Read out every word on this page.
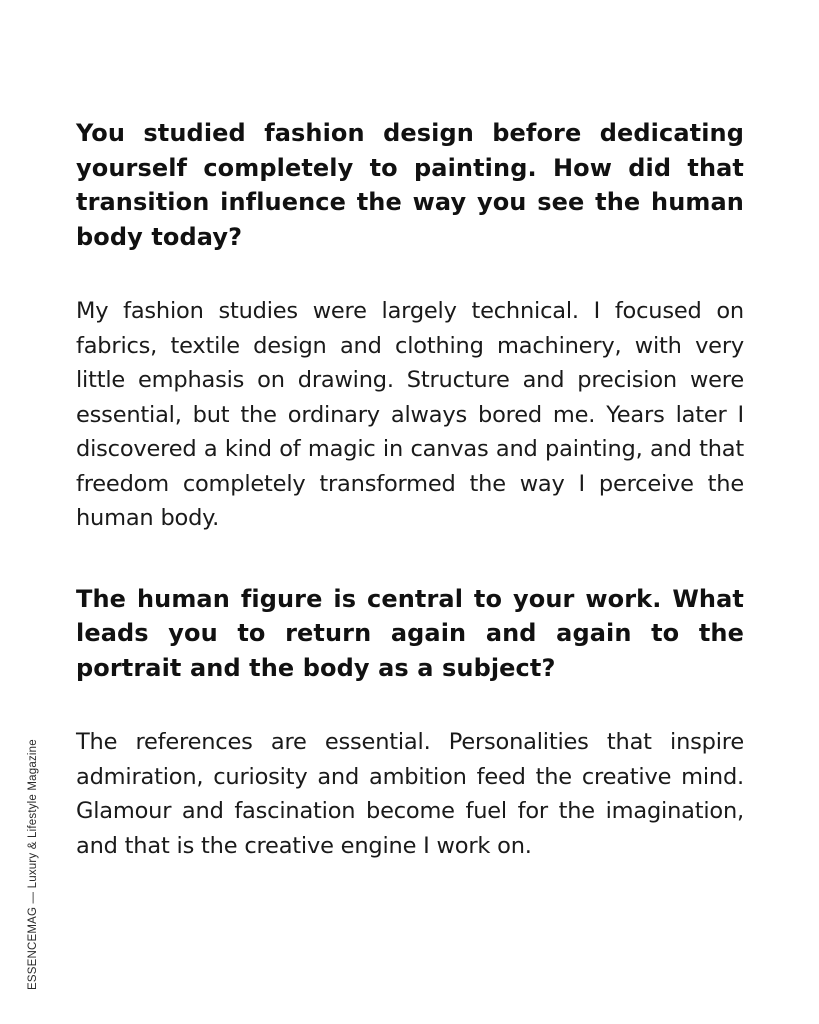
You studied fashion design before dedicating yourself completely to painting. How did that transition influence the way you see the human body today?

My fashion studies were largely technical. I focused on fabrics, textile design and clothing machinery, with very little emphasis on drawing. Structure and precision were essential, but the ordinary always bored me. Years later I discovered a kind of magic in canvas and painting, and that freedom completely transformed the way I perceive the human body.

The human figure is central to your work. What leads you to return again and again to the portrait and the body as a subject?

The references are essential. Personalities that inspire admiration, curiosity and ambition feed the creative mind. Glamour and fascination become fuel for the imagination, and that is the creative engine I work on.

ESSENCEMAG — Luxury & Lifestyle Magazine
